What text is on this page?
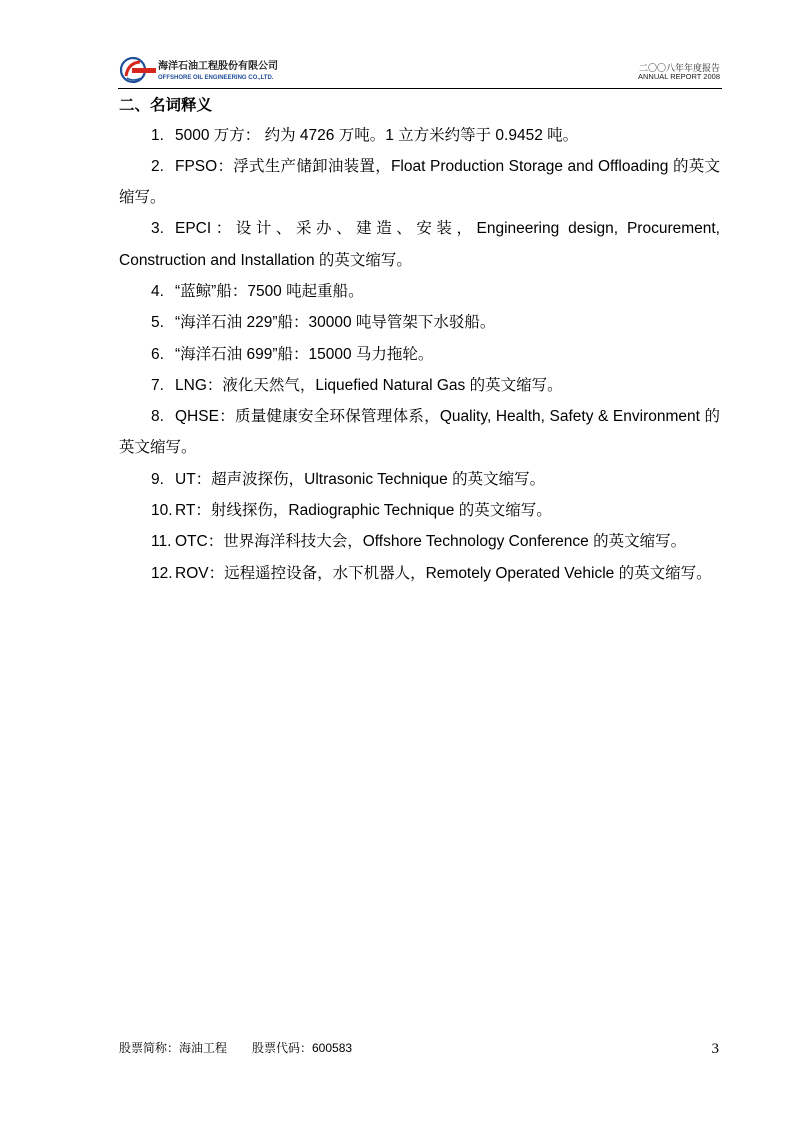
海洋石油工程股份有限公司
OFFSHORE OIL ENGINEERING CO.,LTD.
二〇〇八年年度报告
ANNUAL REPORT 2008
二、名词释义

1. 5000 万方： 约为 4726 万吨。1 立方米约等于 0.9452 吨。

2. FPSO：浮式生产储卸油装置，Float Production Storage and Offloading 的英文缩写。

3. EPCI：设计、采办、建造、安装，Engineering design, Procurement, Construction and Installation 的英文缩写。

4. “蓝鲸”船：7500 吨起重船。

5. “海洋石油 229”船：30000 吨导管架下水驳船。

6. “海洋石油 699”船：15000 马力拖轮。

7. LNG：液化天然气，Liquefied Natural Gas 的英文缩写。

8. QHSE：质量健康安全环保管理体系，Quality, Health, Safety & Environment 的英文缩写。

9. UT：超声波探伤，Ultrasonic Technique 的英文缩写。

10. RT：射线探伤，Radiographic Technique 的英文缩写。

11. OTC：世界海洋科技大会，Offshore Technology Conference 的英文缩写。

12. ROV：远程遥控设备，水下机器人，Remotely Operated Vehicle 的英文缩写。

股票简称：海油工程 股票代码：600583	3
